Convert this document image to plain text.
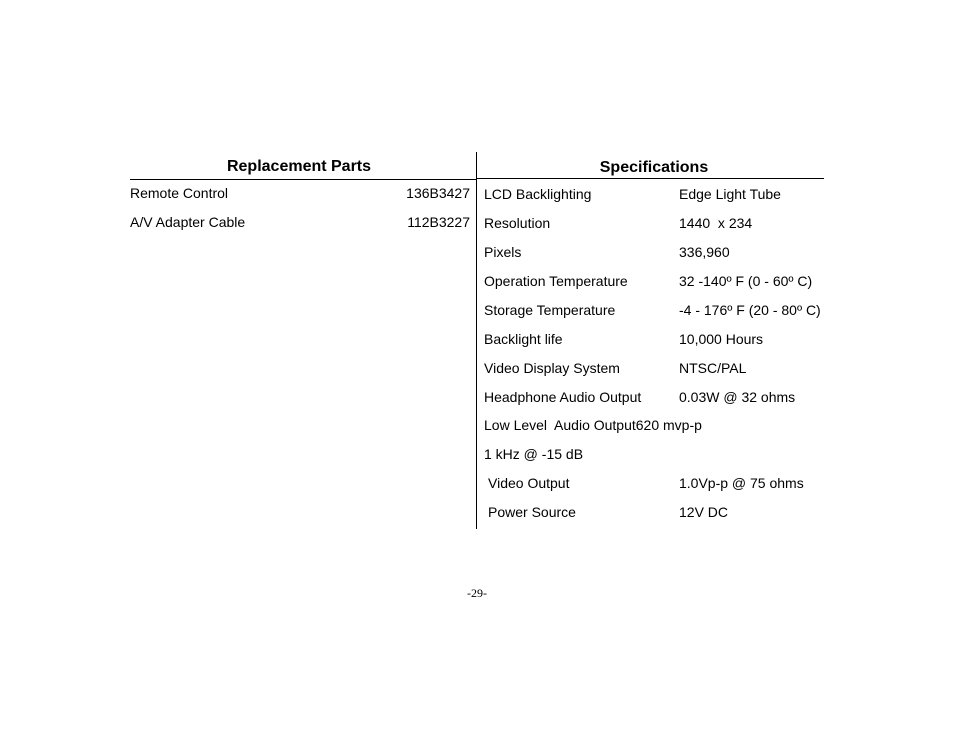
Replacement Parts
Remote Control	136B3427
A/V Adapter Cable	112B3227
Specifications
LCD Backlighting	Edge Light Tube
Resolution	1440  x 234
Pixels	336,960
Operation Temperature	32 -140º F (0 - 60º C)
Storage Temperature	-4 - 176º F (20 - 80º C)
Backlight life	10,000 Hours
Video Display System	NTSC/PAL
Headphone Audio Output	0.03W @ 32 ohms
Low Level  Audio Output620 mvp-p
1 kHz @ -15 dB
Video Output	1.0Vp-p @ 75 ohms
Power Source	12V DC
-29-
